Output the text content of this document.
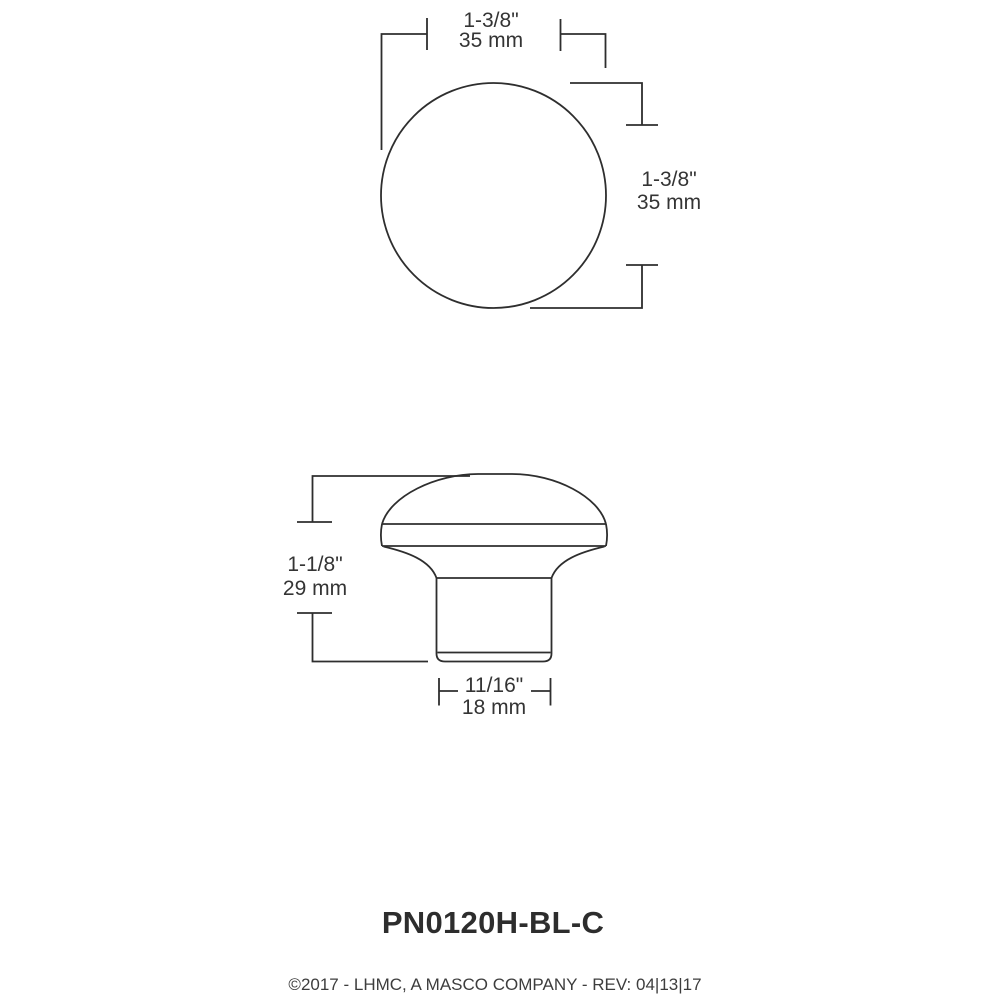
1-3/8"
35 mm
1-3/8"
35 mm
1-1/8"
29 mm
11/16"
18 mm
PN0120H-BL-C
©2017 - LHMC, A MASCO COMPANY - REV: 04|13|17
